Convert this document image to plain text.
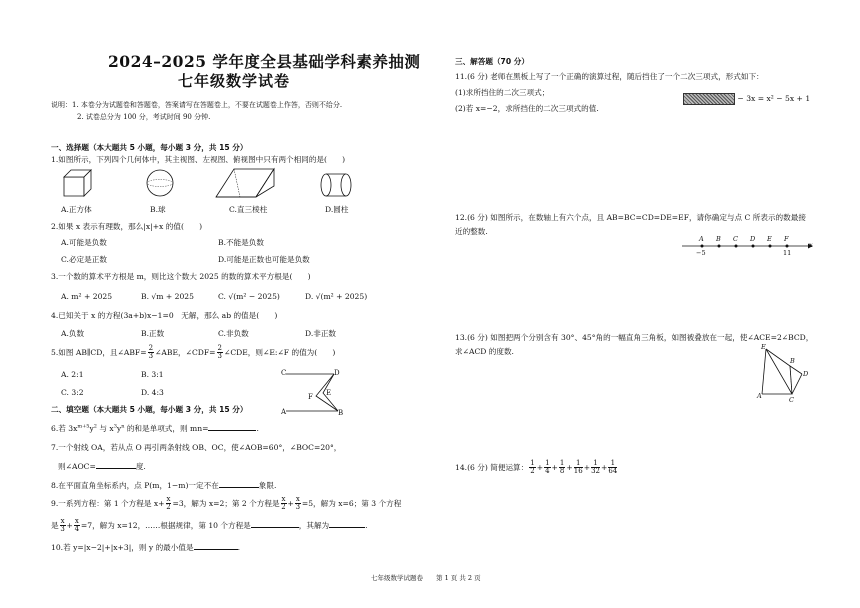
2024–2025 学年度全县基础学科素养抽测
七年级数学试卷
说明：1. 本卷分为试题卷和答题卷，答案请写在答题卷上，不要在试题卷上作答，否则不给分.
2. 试卷总分为 100 分，考试时间 90 分钟.
一、选择题（本大题共 5 小题，每小题 3 分，共 15 分）
1.如图所示，下列四个几何体中，其主视图、左视图、俯视图中只有两个相同的是(　　)
A.正方体	B.球	C.直三棱柱	D.圆柱
2.如果 x 表示有理数，那么|x|+x 的值(　　)
A.可能是负数	B.不能是负数
C.必定是正数	D.可能是正数也可能是负数
3.一个数的算术平方根是 m，则比这个数大 2025 的数的算术平方根是(　　)
A. m² + 2025	B. √m + 2025	C. √(m² − 2025)	D. √(m² + 2025)
4.已知关于 x 的方程(3a+b)x−1=0　无解，那么 ab 的值是(　　)
A.负数	B.正数	C.非负数	D.非正数
5.如图 AB∥CD，且∠ABF= $\frac{2}{3}$ ∠ABE，∠CDF= $\frac{2}{3}$ ∠CDE，则∠E:∠F 的值为(　　)
A. 2:1	B. 3:1
C. 3:2	D. 4:3
C	D
F E
A	B
二、填空题（本大题共 5 小题，每小题 3 分，共 15 分）
6.若 $3x^{m+5}y^2$ 与 $x^3y^n$ 的和是单项式，则 mn=	.
7.一个射线 OA，若从点 O 再引两条射线 OB、OC，使∠AOB=60°，∠BOC=20°，
则∠AOC=	度.
8.在平面直角坐标系内，点 P(m，1−m)一定不在	象限.
9.一系列方程：第 1 个方程是 $x+ \frac{x}{2} =3$，解为 x=2；第 2 个方程是 $\frac{x}{2} + \frac{x}{3} =5$，解为 x=6；第 3 个方程
是 $\frac{x}{3} + \frac{x}{4} =7$，解为 x=12，……根据规律，第 10 个方程是	，其解为	.
10.若 y=|x−2|+|x+3|，则 y 的最小值是	.
三、解答题（70 分）
11.(6 分) 老师在黑板上写了一个正确的演算过程，随后挡住了一个二次三项式，形式如下：
(1)求所挡住的二次三项式；
− 3x = x² − 5x + 1
(2)若 x=−2，求所挡住的二次三项式的值.
12.(6 分) 如图所示，在数轴上有六个点，且 AB=BC=CD=DE=EF，请你确定与点 C 所表示的数最接
近的整数.
A B C D E F
x
−5	11
13.(6 分) 如图把两个分别含有 30°、45°角的一幅直角三角板，如图被叠放在一起，使∠ACE=2∠BCD，
求∠ACD 的度数.	E
B
D
A	C
14.(6 分) 简便运算： $\frac{1}{2} + \frac{1}{4} + \frac{1}{8} + \frac{1}{16} + \frac{1}{32} + \frac{1}{64}$
七年级数学试题卷　　第 1 页 共 2 页
